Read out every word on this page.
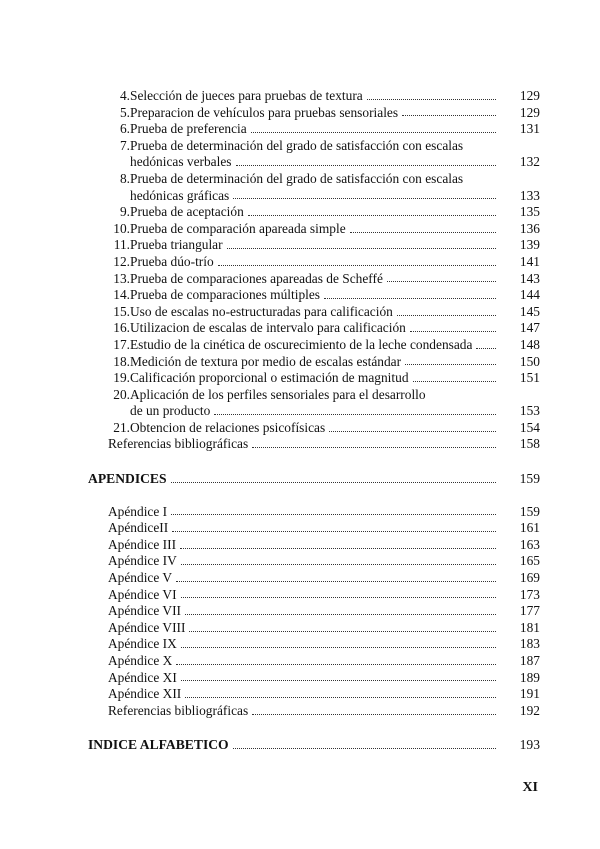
4. Selección de jueces para pruebas de textura	129
5. Preparacion de vehículos para pruebas sensoriales	129
6. Prueba de preferencia	131
7. Prueba de determinación del grado de satisfacción con escalas
hedónicas verbales	132
8. Prueba de determinación del grado de satisfacción con escalas
hedónicas gráficas	133
9. Prueba de aceptación	135
10. Prueba de comparación apareada simple	136
11. Prueba triangular	139
12. Prueba dúo-trío	141
13. Prueba de comparaciones apareadas de Scheffé	143
14. Prueba de comparaciones múltiples	144
15. Uso de escalas no-estructuradas para calificación	145
16. Utilizacion de escalas de intervalo para calificación	147
17. Estudio de la cinética de oscurecimiento de la leche condensada	148
18. Medición de textura por medio de escalas estándar	150
19. Calificación proporcional o estimación de magnitud	151
20. Aplicación de los perfiles sensoriales para el desarrollo
de un producto	153
21. Obtencion de relaciones psicofísicas	154
Referencias bibliográficas	158
APENDICES	159
Apéndice I	159
ApéndiceII	161
Apéndice III	163
Apéndice IV	165
Apéndice V	169
Apéndice VI	173
Apéndice VII	177
Apéndice VIII	181
Apéndice IX	183
Apéndice X	187
Apéndice XI	189
Apéndice XII	191
Referencias bibliográficas	192
INDICE ALFABETICO	193
XI
